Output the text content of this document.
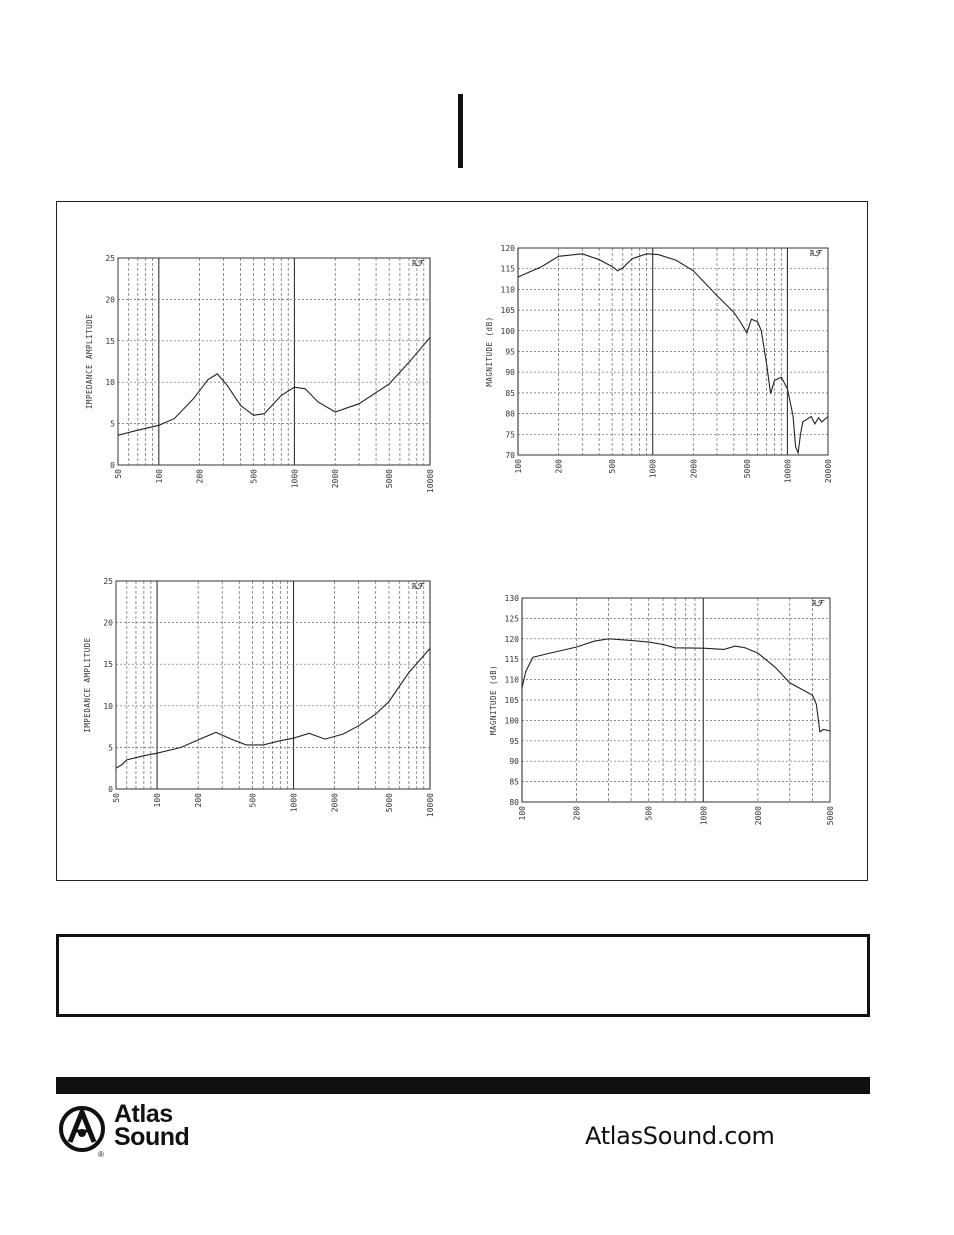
0
5
10
15
20
25
50	100	200	500	1000	2000	5000	10000
IMPEDANCE AMPLITUDE
ℝℱ
70
75
80
85
90
95
100
105
110
115
120
100	200	500	1000	2000	5000	10000	20000
MAGNITUDE (dB)
ℝℱ
0
5
10
15
20
25
50	100	200	500	1000	2000	5000	10000
IMPEDANCE AMPLITUDE
ℝℱ
80
85
90
95
100
105
110
115
120
125
130
100	200	500	1000	2000	5000
MAGNITUDE (dB)
ℝℱ
®
Atlas
Sound	AtlasSound.com
